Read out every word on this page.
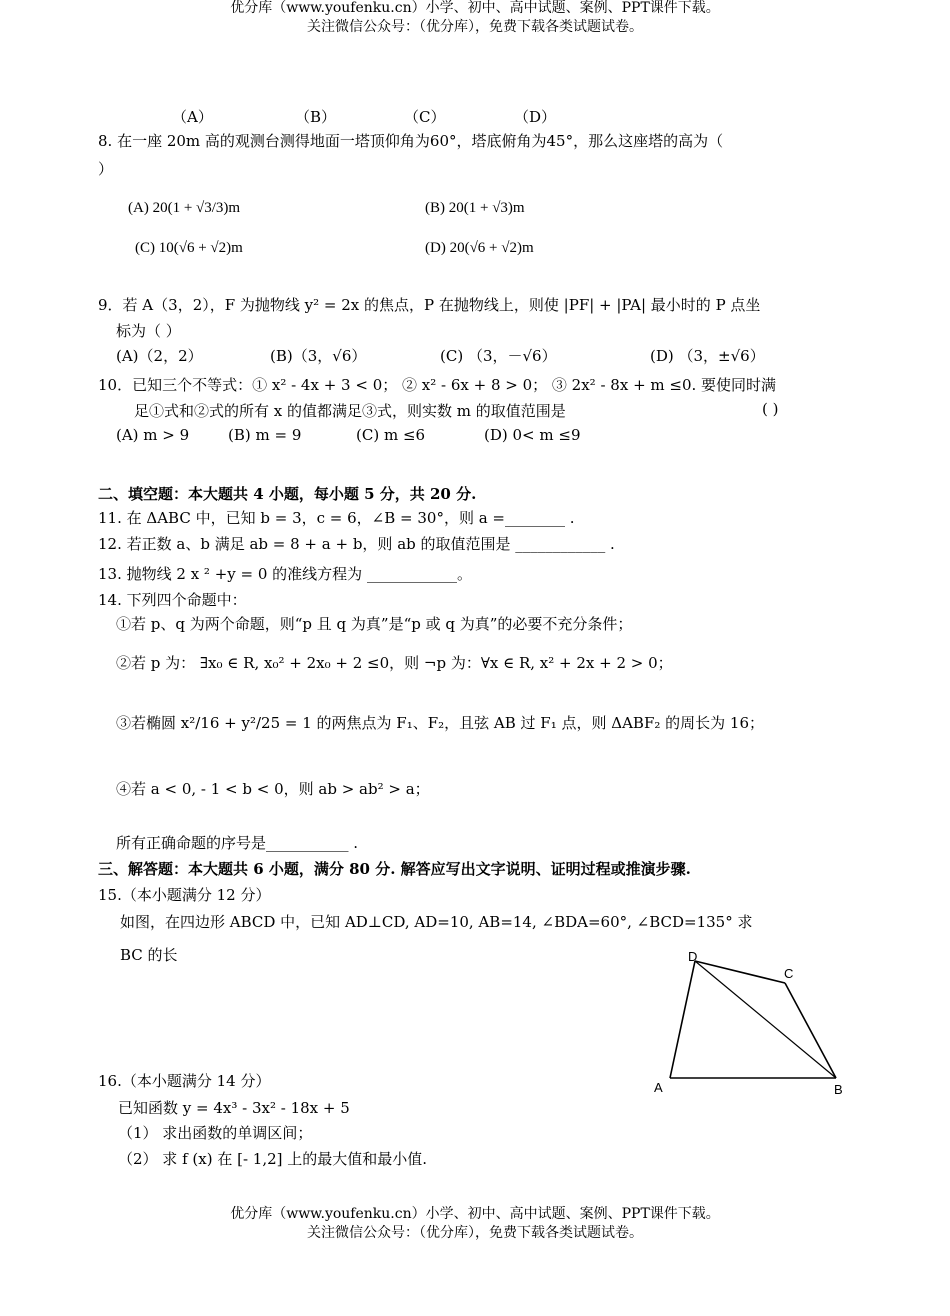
优分库（www.youfenku.cn）小学、初中、高中试题、案例、PPT课件下载。
关注微信公众号：（优分库），免费下载各类试题试卷。
（A）	（B）	（C）	（D）
8. 在一座 20m 高的观测台测得地面一塔顶仰角为60°，塔底俯角为45°，那么这座塔的高为（
）
(A) 20(1 + √3/3)m	(B) 20(1 + √3)m
(C) 10(√6 + √2)m	(D) 20(√6 + √2)m
9．若 A（3，2），F 为抛物线 y² = 2x 的焦点，P 在抛物线上，则使 |PF| + |PA| 最小时的 P 点坐
标为（ ）
(A)（2，2）	(B)（3，√6）	(C) （3，－√6）	(D) （3，±√6）
10．已知三个不等式：① x² - 4x + 3 < 0； ② x² - 6x + 8 > 0； ③ 2x² - 8x + m ≤0. 要使同时满
足①式和②式的所有 x 的值都满足③式，则实数 m 的取值范围是	( )
(A) m > 9	(B) m = 9	(C) m ≤6	(D) 0< m ≤9
二、填空题：本大题共 4 小题，每小题 5 分，共 20 分.
11. 在 ΔABC 中，已知 b = 3，c = 6，∠B = 30°，则 a =________ .
12. 若正数 a、b 满足 ab = 8 + a + b，则 ab 的取值范围是 ____________ .
13. 抛物线 2 x ² +y = 0 的准线方程为 ____________。
14. 下列四个命题中：
①若 p、q 为两个命题，则“p 且 q 为真”是“p 或 q 为真”的必要不充分条件；
②若 p 为： ∃x₀ ∈ R, x₀² + 2x₀ + 2 ≤0，则 ¬p 为：∀x ∈ R, x² + 2x + 2 > 0；
③若椭圆 x²/16 + y²/25 = 1 的两焦点为 F₁、F₂，且弦 AB 过 F₁ 点，则 ΔABF₂ 的周长为 16；
④若 a < 0, - 1 < b < 0，则 ab > ab² > a；
所有正确命题的序号是___________ .
三、解答题：本大题共 6 小题，满分 80 分. 解答应写出文字说明、证明过程或推演步骤.
15.（本小题满分 12 分）
如图，在四边形 ABCD 中，已知 AD⊥CD, AD=10, AB=14, ∠BDA=60°, ∠BCD=135° 求
BC 的长	D
C
A	B
16.（本小题满分 14 分）
已知函数 y = 4x³ - 3x² - 18x + 5
（1） 求出函数的单调区间；
（2） 求 f (x) 在 [- 1,2] 上的最大值和最小值.
优分库（www.youfenku.cn）小学、初中、高中试题、案例、PPT课件下载。
关注微信公众号：（优分库），免费下载各类试题试卷。
